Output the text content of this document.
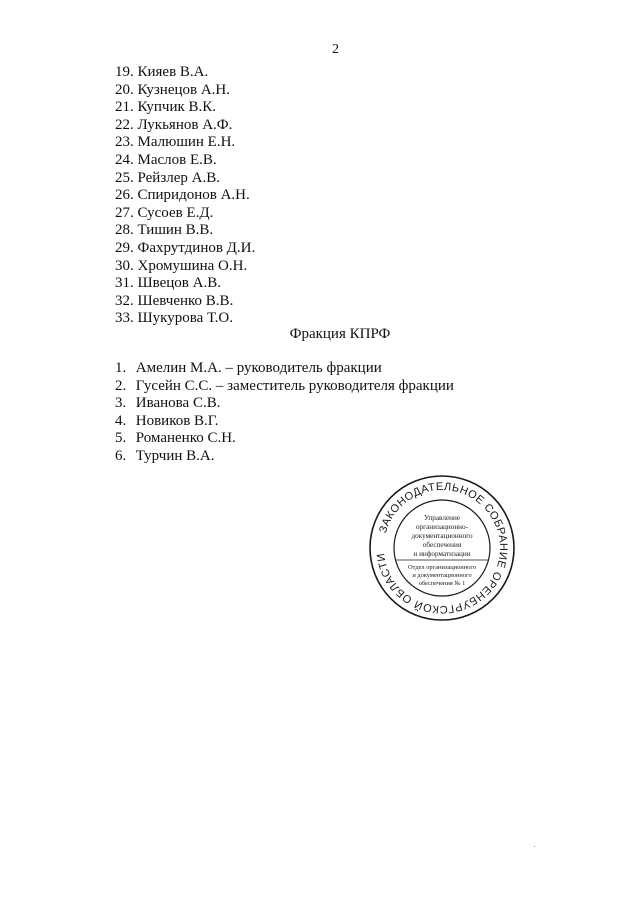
2
19. Кияев В.А.
20. Кузнецов А.Н.
21. Купчик В.К.
22. Лукьянов А.Ф.
23. Малюшин Е.Н.
24. Маслов Е.В.
25. Рейзлер А.В.
26. Спиридонов А.Н.
27. Сусоев Е.Д.
28. Тишин В.В.
29. Фахрутдинов Д.И.
30. Хромушина О.Н.
31. Швецов А.В.
32. Шевченко В.В.
33. Шукурова Т.О.
Фракция КПРФ
1. Амелин М.А. – руководитель фракции
2. Гусейн С.С. – заместитель руководителя фракции
3. Иванова С.В.
4. Новиков В.Г.
5. Романенко С.Н.
6. Турчин В.А.
ЗАКОНОДАТЕЛЬНОЕ СОБРАНИЕ ОРЕНБУРГСКОЙ ОБЛАСТИ
Управление
организационно-
документационного
обеспечения
и информатизации
Отдел организационного
и документационного
обеспечения № 1
